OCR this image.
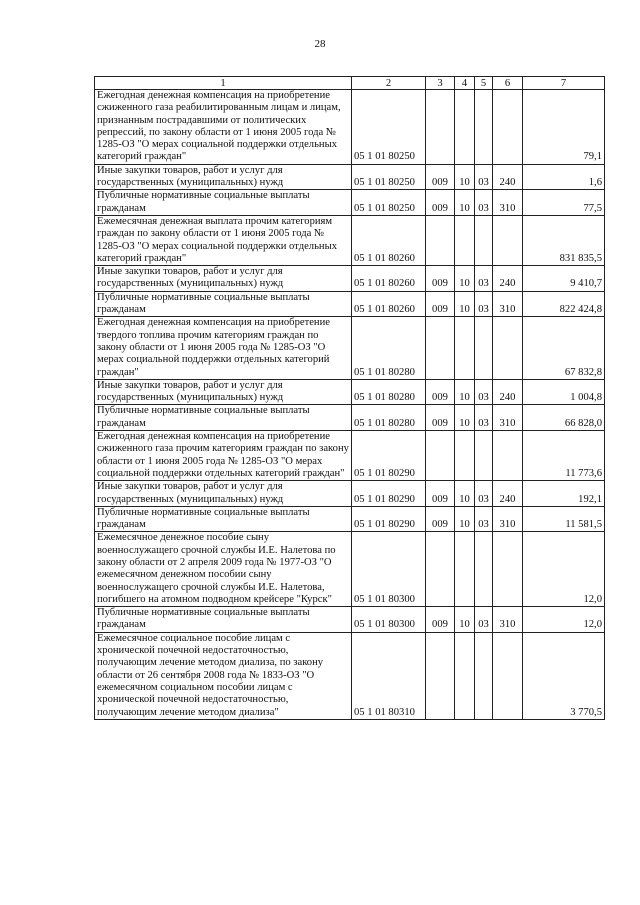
28
1	2	3	4	5	6	7
Ежегодная денежная компенсация на приобретение сжиженного газа реабилитированным лицам и лицам, признанным пострадавшими от политических репрессий, по закону области от 1 июня 2005 года № 1285-ОЗ "О мерах социальной поддержки отдельных категорий граждан"	05 1 01 80250					79,1
Иные закупки товаров, работ и услуг для государственных (муниципальных) нужд	05 1 01 80250	009	10	03	240	1,6
Публичные нормативные социальные выплаты гражданам	05 1 01 80250	009	10	03	310	77,5
Ежемесячная денежная выплата прочим категориям граждан по закону области от 1 июня 2005 года № 1285-ОЗ "О мерах социальной поддержки отдельных категорий граждан"	05 1 01 80260					831 835,5
Иные закупки товаров, работ и услуг для государственных (муниципальных) нужд	05 1 01 80260	009	10	03	240	9 410,7
Публичные нормативные социальные выплаты гражданам	05 1 01 80260	009	10	03	310	822 424,8
Ежегодная денежная компенсация на приобретение твердого топлива прочим категориям граждан по закону области от 1 июня 2005 года № 1285-ОЗ "О мерах социальной поддержки отдельных категорий граждан"	05 1 01 80280					67 832,8
Иные закупки товаров, работ и услуг для государственных (муниципальных) нужд	05 1 01 80280	009	10	03	240	1 004,8
Публичные нормативные социальные выплаты гражданам	05 1 01 80280	009	10	03	310	66 828,0
Ежегодная денежная компенсация на приобретение сжиженного газа прочим категориям граждан по закону области от 1 июня 2005 года № 1285-ОЗ "О мерах социальной поддержки отдельных категорий граждан"	05 1 01 80290					11 773,6
Иные закупки товаров, работ и услуг для государственных (муниципальных) нужд	05 1 01 80290	009	10	03	240	192,1
Публичные нормативные социальные выплаты гражданам	05 1 01 80290	009	10	03	310	11 581,5
Ежемесячное денежное пособие сыну военнослужащего срочной службы И.Е. Налетова по закону области от 2 апреля 2009 года № 1977-ОЗ "О ежемесячном денежном пособии сыну военнослужащего срочной службы И.Е. Налетова, погибшего на атомном подводном крейсере "Курск"	05 1 01 80300					12,0
Публичные нормативные социальные выплаты гражданам	05 1 01 80300	009	10	03	310	12,0
Ежемесячное социальное пособие лицам с хронической почечной недостаточностью, получающим лечение методом диализа, по закону области от 26 сентября 2008 года № 1833-ОЗ "О ежемесячном социальном пособии лицам с хронической почечной недостаточностью, получающим лечение методом диализа"	05 1 01 80310					3 770,5
